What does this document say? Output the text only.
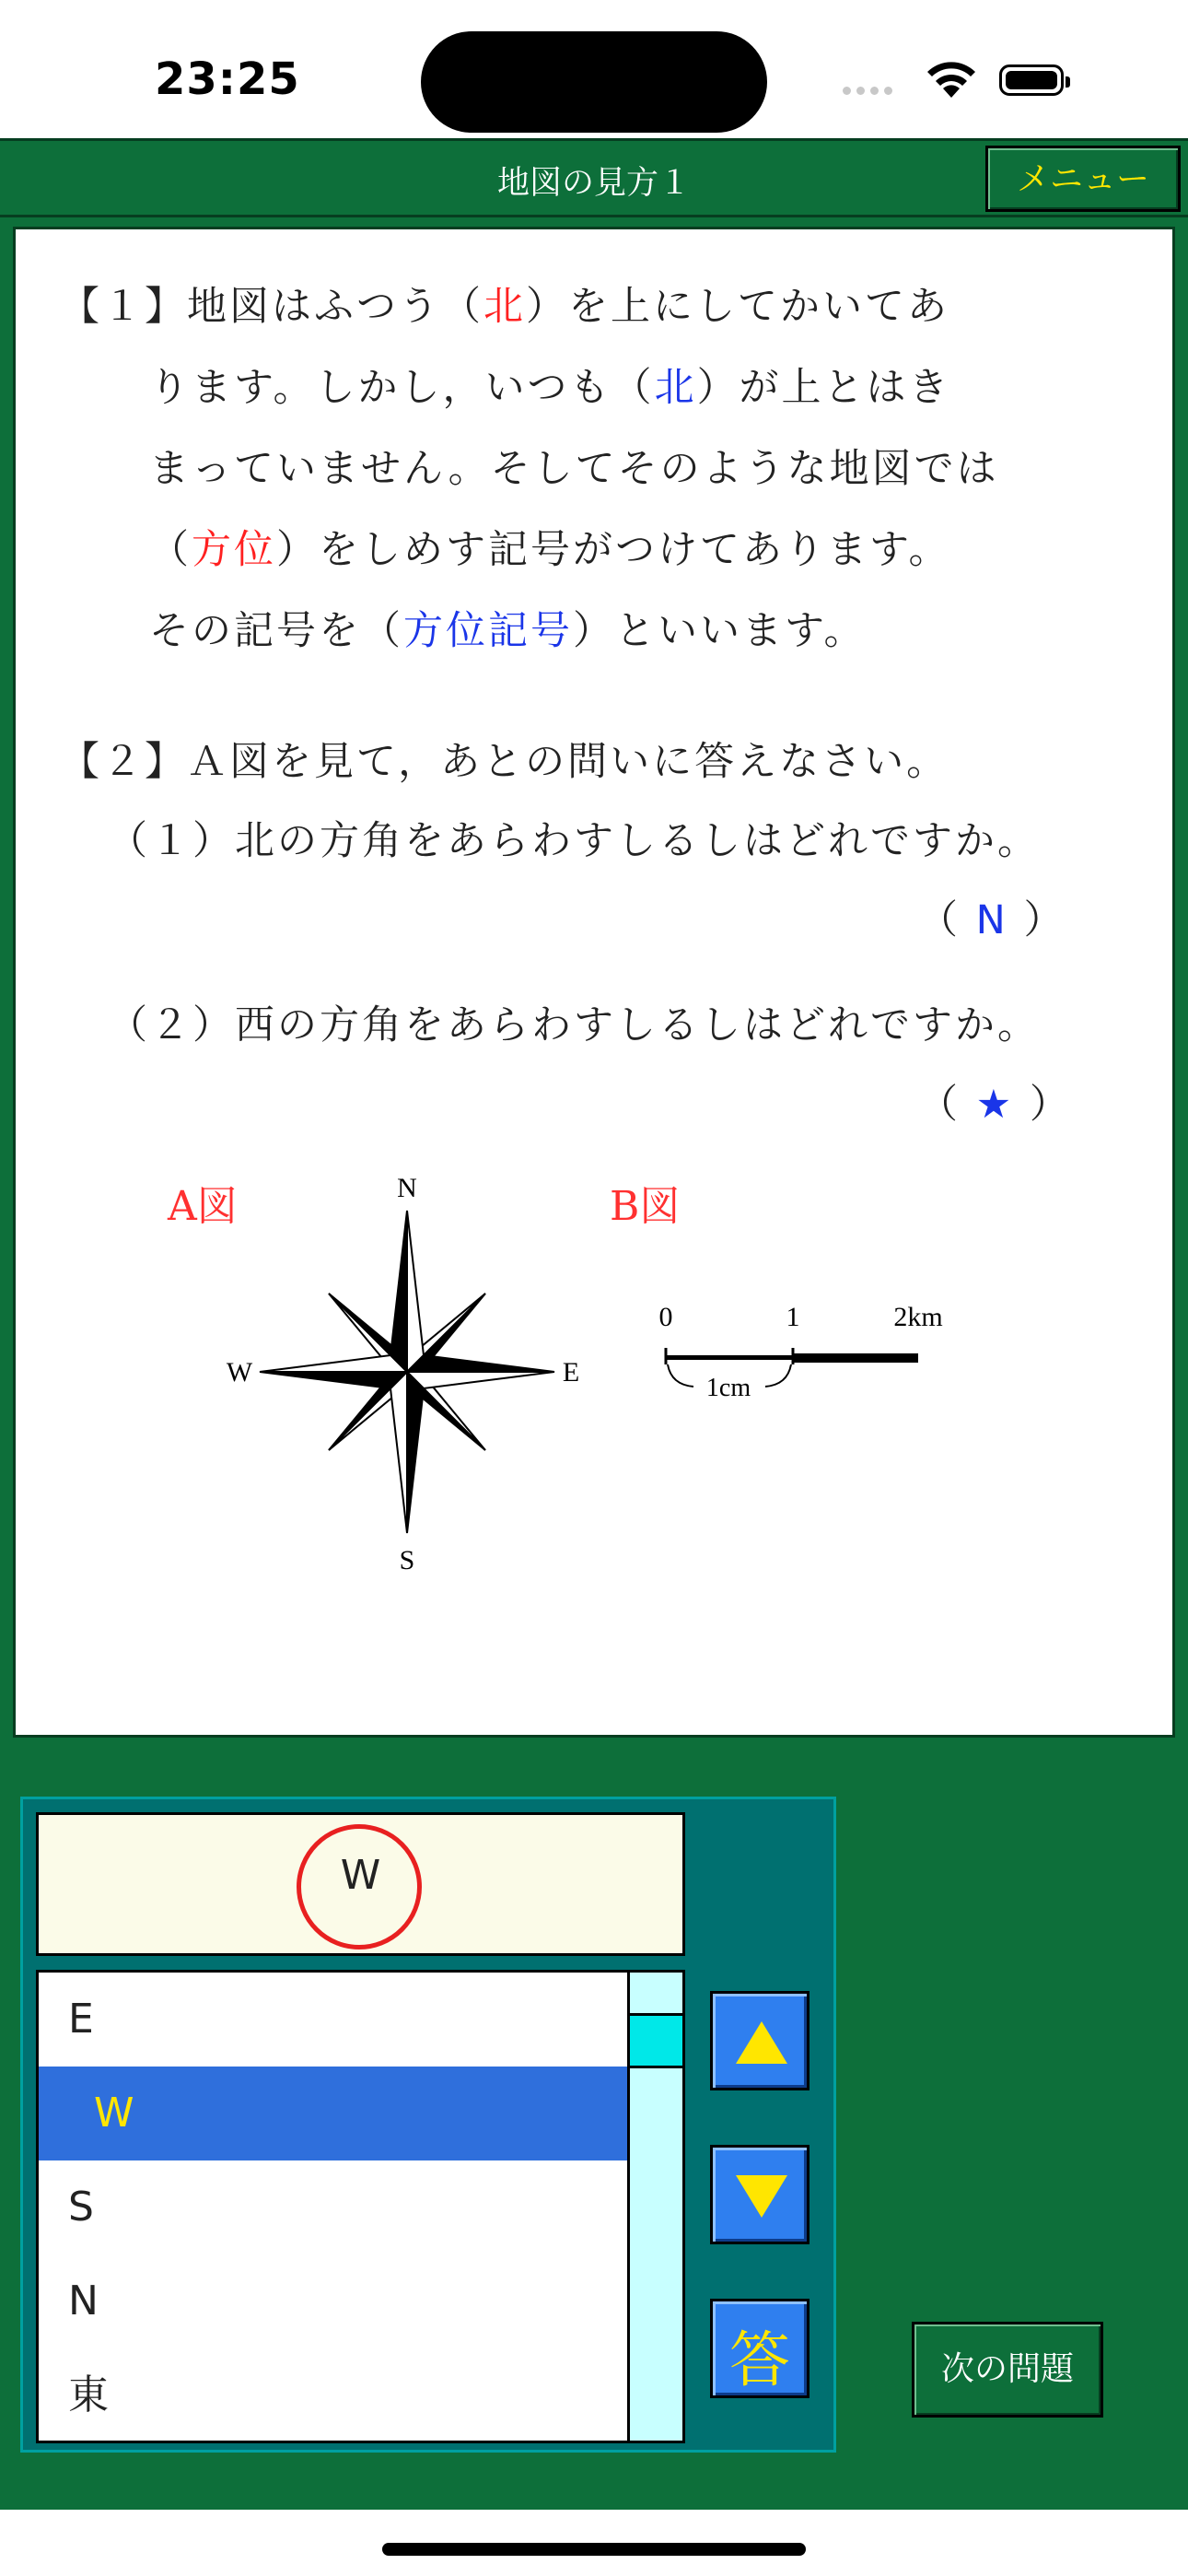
23:25
地図の見方１	メニュー
【１】地図はふつう（北）を上にしてかいてあ
ります。しかし，いつも（北）が上とはき
まっていません。そしてそのような地図では
（方位）をしめす記号がつけてあります。
その記号を（方位記号）といいます。
【２】Ａ図を見て，あとの問いに答えなさい。
（１）北の方角をあらわすしるしはどれですか。
（ N ）
（２）西の方角をあらわすしるしはどれですか。
（ ★ ）
A図	B図
N
E
S
W
0	1	2km
1cm
W
E
W
S
N
東	答	次の問題
